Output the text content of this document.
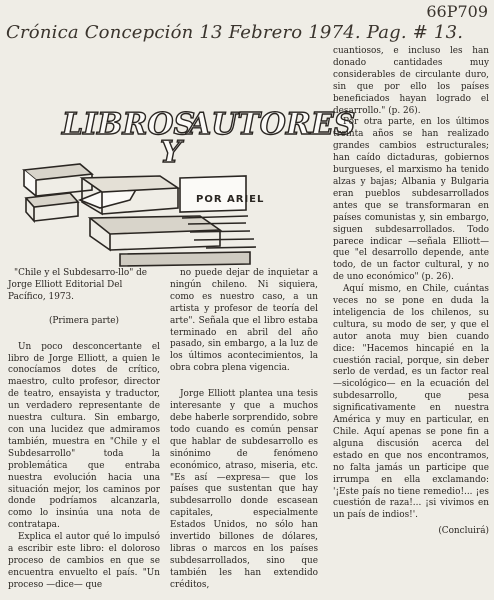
Crónica Concepción 13 Febrero 1974. Pag. # 13.
66P709
POR ARIEL
LIBROS
Y
AUTORES

"Chile y el Subdesarro-llo" de Jorge Elliott Editorial Del Pacífico, 1973.

(Primera parte)

Un poco desconcertante el libro de Jorge Elliott, a quien le conocíamos dotes de crítico, maestro, culto profesor, director de teatro, ensayista y traductor, un verdadero representante de nuestra cultura. Sin embargo, con una lucidez que admiramos también, muestra en "Chile y el Subdesarrollo" toda la problemática que entraba nuestra evolución hacia una situación mejor, los caminos por donde podríamos alcanzarla, como lo insinúa una nota de contratapa.

Explica el autor qué lo impulsó a escribir este libro: el doloroso proceso de cambios en que se encuentra envuelto el país. "Un proceso —dice— que

no puede dejar de inquietar a ningún chileno. Ni siquiera, como es nuestro caso, a un artista y profesor de teoría del arte". Señala que el libro estaba terminado en abril del año pasado, sin embargo, a la luz de los últimos acontecimientos, la obra cobra plena vigencia.

Jorge Elliott plantea una tesis interesante y que a muchos debe haberle sorprendido, sobre todo cuando es común pensar que hablar de subdesarrollo es sinónimo de fenómeno económico, atraso, miseria, etc. "Es así —expresa— que los países que sustentan que hay subdesarrollo donde escasean capitales, especialmente Estados Unidos, no sólo han invertido billones de dólares, libras o marcos en los países subdesarrollados, sino que también les han extendido créditos,

cuantiosos, e incluso les han donado cantidades muy considerables de circulante duro, sin que por ello los países beneficiados hayan logrado el desarrollo." (p. 26).

Por otra parte, en los últimos treinta años se han realizado grandes cambios estructurales; han caído dictaduras, gobiernos burgueses, el marxismo ha tenido alzas y bajas; Albania y Bulgaria eran pueblos subdesarrollados antes que se transformaran en países comunistas y, sin embargo, siguen subdesarrollados. Todo parece indicar —señala Elliott— que "el desarrollo depende, ante todo, de un factor cultural, y no de uno económico" (p. 26).

Aquí mismo, en Chile, cuántas veces no se pone en duda la inteligencia de los chilenos, su cultura, su modo de ser, y que el autor anota muy bien cuando dice: "Hacemos hincapié en la cuestión racial, porque, sin deber serlo de verdad, es un factor real —sicológico— en la ecuación del subdesarrollo, que pesa significativamente en nuestra América y muy en particular, en Chile. Aquí apenas se pone fin a alguna discusión acerca del estado en que nos encontramos, no falta jamás un participe que irrumpa en ella exclamando: '¡Este país no tiene remedio!... ¡es cuestión de raza!... ¡si vivimos en un país de indios!'.

(Concluirá)
